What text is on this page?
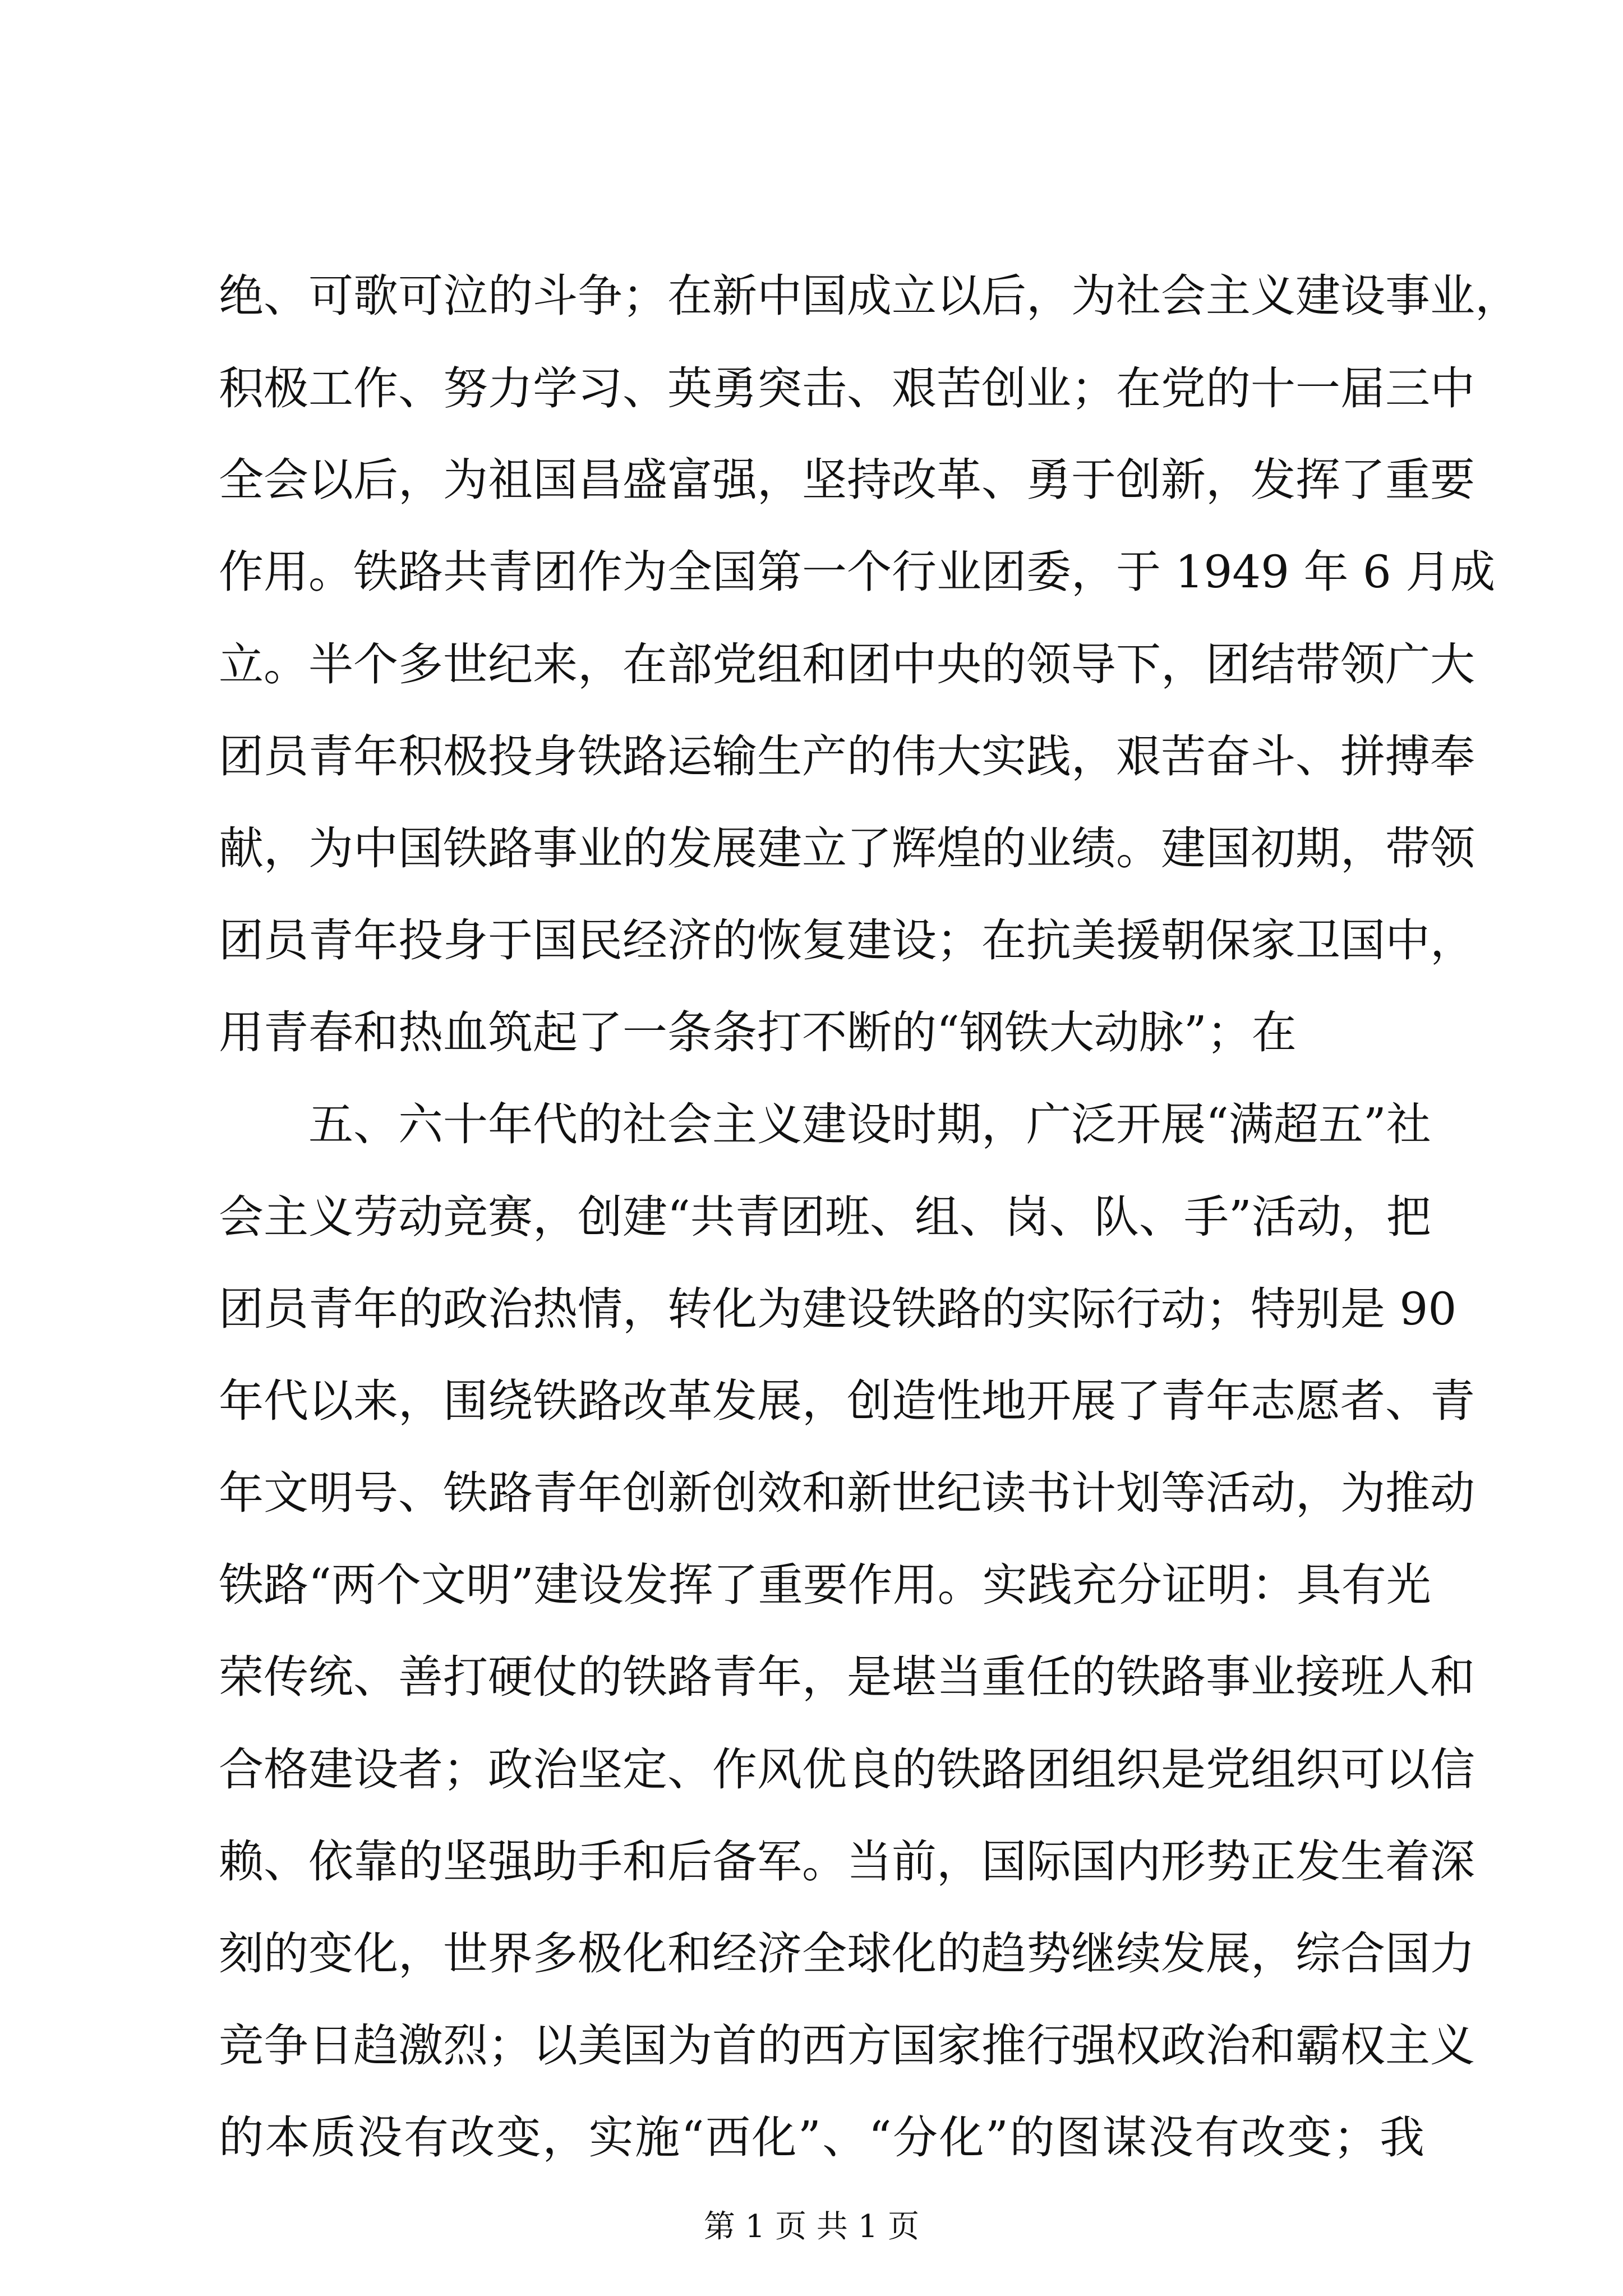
绝、可歌可泣的斗争；在新中国成立以后，为社会主义建设事业，
积极工作、努力学习、英勇突击、艰苦创业；在党的十一届三中
全会以后，为祖国昌盛富强，坚持改革、勇于创新，发挥了重要
作用。铁路共青团作为全国第一个行业团委，于 1949 年 6 月成
立。半个多世纪来，在部党组和团中央的领导下，团结带领广大
团员青年积极投身铁路运输生产的伟大实践，艰苦奋斗、拼搏奉
献，为中国铁路事业的发展建立了辉煌的业绩。建国初期，带领
团员青年投身于国民经济的恢复建设；在抗美援朝保家卫国中，
用青春和热血筑起了一条条打不断的“钢铁大动脉”；在
五、六十年代的社会主义建设时期，广泛开展“满超五”社
会主义劳动竞赛，创建“共青团班、组、岗、队、手”活动，把
团员青年的政治热情，转化为建设铁路的实际行动；特别是 90
年代以来，围绕铁路改革发展，创造性地开展了青年志愿者、青
年文明号、铁路青年创新创效和新世纪读书计划等活动，为推动
铁路“两个文明”建设发挥了重要作用。实践充分证明：具有光
荣传统、善打硬仗的铁路青年，是堪当重任的铁路事业接班人和
合格建设者；政治坚定、作风优良的铁路团组织是党组织可以信
赖、依靠的坚强助手和后备军。当前，国际国内形势正发生着深
刻的变化，世界多极化和经济全球化的趋势继续发展，综合国力
竞争日趋激烈；以美国为首的西方国家推行强权政治和霸权主义
的本质没有改变，实施“西化”、“分化”的图谋没有改变；我
第 1 页 共 1 页
